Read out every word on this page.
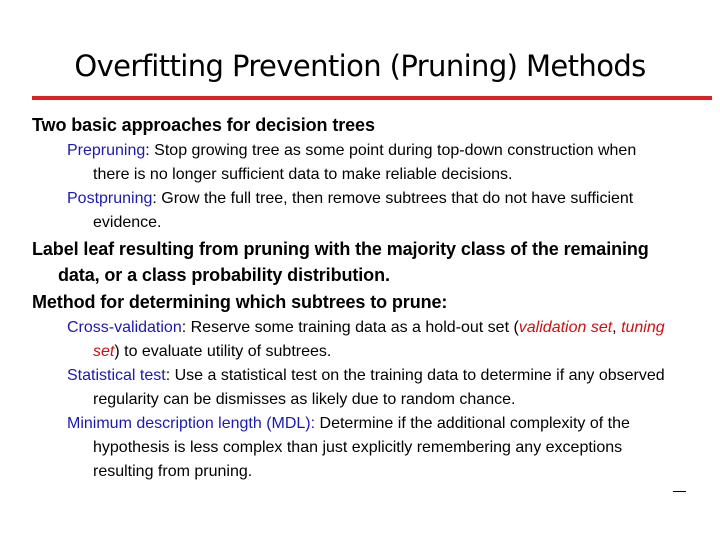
Overfitting Prevention (Pruning) Methods

Two basic approaches for decision trees

Prepruning: Stop growing tree as some point during top-down construction when there is no longer sufficient data to make reliable decisions.

Postpruning: Grow the full tree, then remove subtrees that do not have sufficient evidence.

Label leaf resulting from pruning with the majority class of the remaining data, or a class probability distribution.

Method for determining which subtrees to prune:

Cross-validation: Reserve some training data as a hold-out set (validation set, tuning set) to evaluate utility of subtrees.

Statistical test: Use a statistical test on the training data to determine if any observed regularity can be dismisses as likely due to random chance.

Minimum description length (MDL): Determine if the additional complexity of the hypothesis is less complex than just explicitly remembering any exceptions resulting from pruning.
